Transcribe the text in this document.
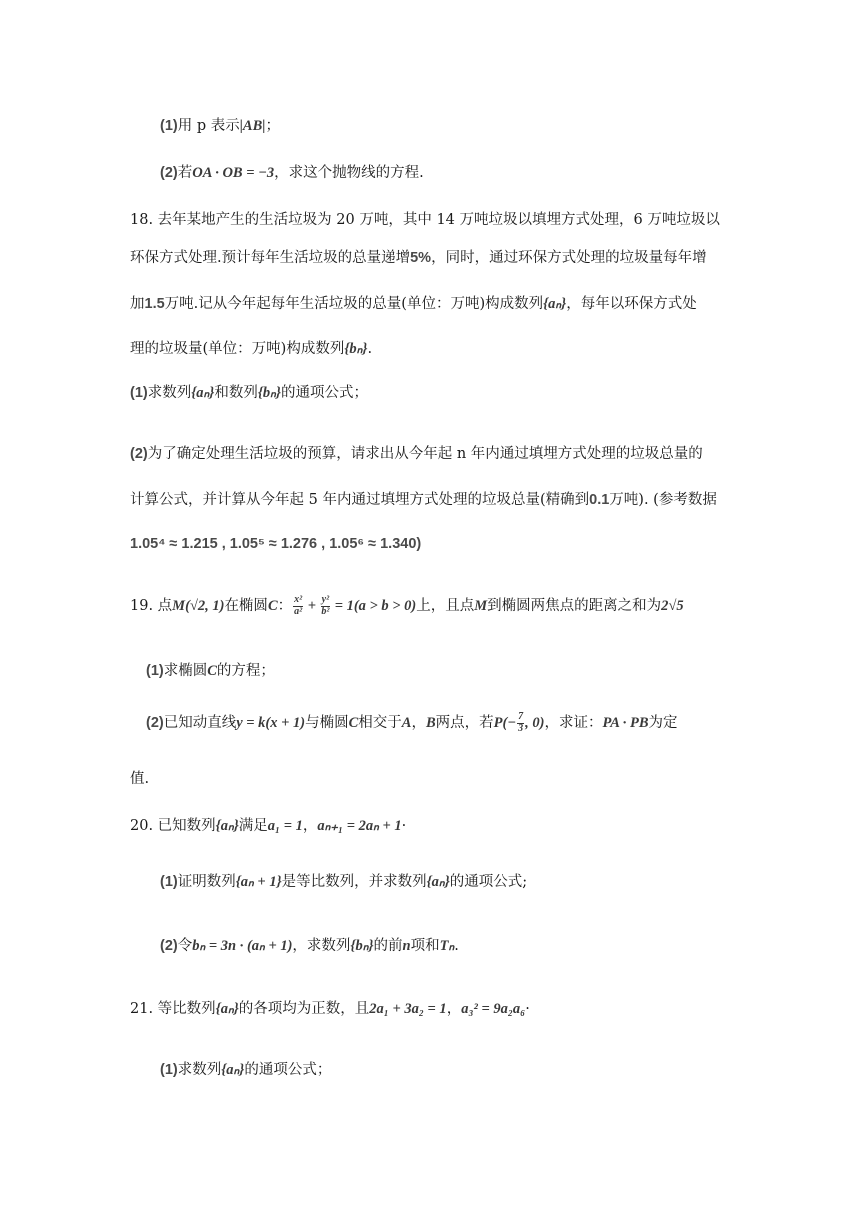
(1)用 p 表示|AB|；
(2)若OA · OB = −3，求这个抛物线的方程.
18. 去年某地产生的生活垃圾为 20 万吨，其中 14 万吨垃圾以填埋方式处理，6 万吨垃圾以
环保方式处理.预计每年生活垃圾的总量递增5%，同时，通过环保方式处理的垃圾量每年增
加1.5万吨.记从今年起每年生活垃圾的总量(单位：万吨)构成数列{aₙ}，每年以环保方式处
理的垃圾量(单位：万吨)构成数列{bₙ}.
(1)求数列{aₙ}和数列{bₙ}的通项公式；
(2)为了确定处理生活垃圾的预算，请求出从今年起 n 年内通过填埋方式处理的垃圾总量的
计算公式，并计算从今年起 5 年内通过填埋方式处理的垃圾总量(精确到0.1万吨). (参考数据
1.05⁴ ≈ 1.215 , 1.05⁵ ≈ 1.276 , 1.05⁶ ≈ 1.340)
19. 点M(√2, 1)在椭圆C： $\frac{\text{x²}}{\text{a²}} + \frac{\text{y²}}{\text{b²}} = 1(a > b > 0)$上，且点M到椭圆两焦点的距离之和为2√5
(1)求椭圆C的方程；
(2)已知动直线y = k(x + 1)与椭圆C相交于A，B两点，若$P(- \frac{7}{3}$ , 0)，求证：PA · PB为定
值.
20. 已知数列{aₙ}满足a₁ = 1，aₙ₊₁ = 2aₙ + 1·
(1)证明数列{aₙ + 1}是等比数列，并求数列{aₙ}的通项公式;
(2)令bₙ = 3n · (aₙ + 1)，求数列{bₙ}的前n项和Tₙ.
21. 等比数列{aₙ}的各项均为正数，且2a₁ + 3a₂ = 1，a₃² = 9a₂a₆·
(1)求数列{aₙ}的通项公式；
